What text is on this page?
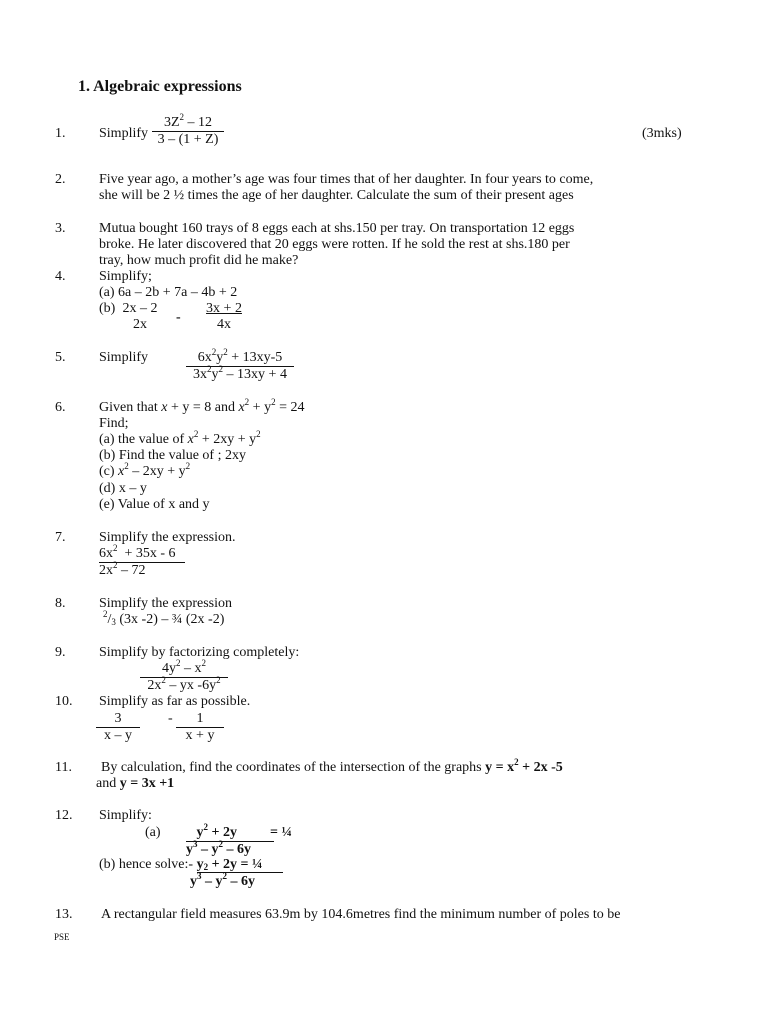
1. Algebraic expressions
1. Simplify $\frac{3Z^2 - 12}{3 - (1 + Z)}$	(3mks)
2. Five year ago, a mother’s age was four times that of her daughter. In four years to come,
she will be 2 ½ times the age of her daughter. Calculate the sum of their present ages
3. Mutua bought 160 trays of 8 eggs each at shs.150 per tray. On transportation 12 eggs
broke. He later discovered that 20 eggs were rotten. If he sold the rest at shs.180 per
tray, how much profit did he make?
4. Simplify;
(a) 6a – 2b + 7a – 4b + 2
(b) 2x – 2
2x	- $\frac{3x + 2}{4x}$
5. Simplify	$\frac{6x^2y^2 + 13xy-5}{3x^2y^2 - 13xy + 4}$
6. Given that x + y = 8 and $x^2 + y^2 = 24$
Find;
(a) the value of $x^2 + 2xy + y^2$
(b) Find the value of ; 2xy
(c) $x^2 - 2xy + y^2$
(d) x – y
(e) Value of x and y
7. Simplify the expression.
$\frac{6x^2 + 35x - 6}{2x^2 - 72}$
8. Simplify the expression
$^2/_3$ (3x -2) – ¾ (2x -2)
9. Simplify by factorizing completely:
$\frac{4y^2 - x^2}{2x^2 - yx -6y^2}$
10. Simplify as far as possible.
$\frac{3}{x - y} - \frac{1}{x + y}$
11. By calculation, find the coordinates of the intersection of the graphs $y = x^2 + 2x$ -5
and y = 3x +1
12. Simplify:
$(a) \frac{y^2 + 2y}{y^3 - y^2 - 6y}$
= ¼
(b) hence solve:- $y_2 + 2y$ = ¼
$y^3 - y^2 - 6y$
13. A rectangular field measures 63.9m by 104.6metres find the minimum number of poles to be
PSE
